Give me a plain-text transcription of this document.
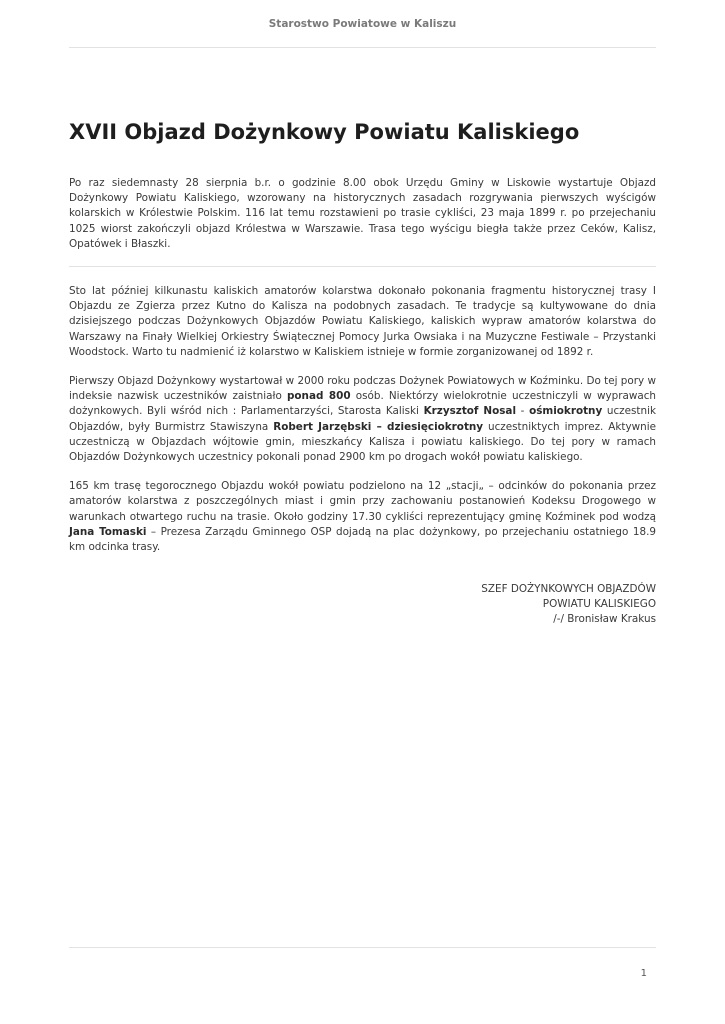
Starostwo Powiatowe w Kaliszu
XVII Objazd Dożynkowy Powiatu Kaliskiego

Po raz siedemnasty 28 sierpnia b.r. o godzinie 8.00 obok Urzędu Gminy w Liskowie wystartuje Objazd Dożynkowy Powiatu Kaliskiego, wzorowany na historycznych zasadach rozgrywania pierwszych wyścigów kolarskich w Królestwie Polskim. 116 lat temu rozstawieni po trasie cykliści, 23 maja 1899 r. po przejechaniu 1025 wiorst zakończyli objazd Królestwa w Warszawie. Trasa tego wyścigu biegła także przez Ceków, Kalisz, Opatówek i Błaszki.

Sto lat później kilkunastu kaliskich amatorów kolarstwa dokonało pokonania fragmentu historycznej trasy I Objazdu ze Zgierza przez Kutno do Kalisza na podobnych zasadach. Te tradycje są kultywowane do dnia dzisiejszego podczas Dożynkowych Objazdów Powiatu Kaliskiego, kaliskich wypraw amatorów kolarstwa do Warszawy na Finały Wielkiej Orkiestry Świątecznej Pomocy Jurka Owsiaka i na Muzyczne Festiwale – Przystanki Woodstock. Warto tu nadmienić iż kolarstwo w Kaliskiem istnieje w formie zorganizowanej od 1892 r.

Pierwszy Objazd Dożynkowy wystartował w 2000 roku podczas Dożynek Powiatowych w Koźminku. Do tej pory w indeksie nazwisk uczestników zaistniało ponad 800 osób. Niektórzy wielokrotnie uczestniczyli w wyprawach dożynkowych. Byli wśród nich : Parlamentarzyści, Starosta Kaliski Krzysztof Nosal - ośmiokrotny uczestnik Objazdów, były Burmistrz Stawiszyna Robert Jarzębski – dziesięciokrotny uczestniktych imprez. Aktywnie uczestniczą w Objazdach wójtowie gmin, mieszkańcy Kalisza i powiatu kaliskiego. Do tej pory w ramach Objazdów Dożynkowych uczestnicy pokonali ponad 2900 km po drogach wokół powiatu kaliskiego.

165 km trasę tegorocznego Objazdu wokół powiatu podzielono na 12 „stacji„ – odcinków do pokonania przez amatorów kolarstwa z poszczególnych miast i gmin przy zachowaniu postanowień Kodeksu Drogowego w warunkach otwartego ruchu na trasie. Około godziny 17.30 cykliści reprezentujący gminę Koźminek pod wodzą Jana Tomaski – Prezesa Zarządu Gminnego OSP dojadą na plac dożynkowy, po przejechaniu ostatniego 18.9 km odcinka trasy.

SZEF DOŻYNKOWYCH OBJAZDÓW
POWIATU KALISKIEGO
/-/ Bronisław Krakus
1
